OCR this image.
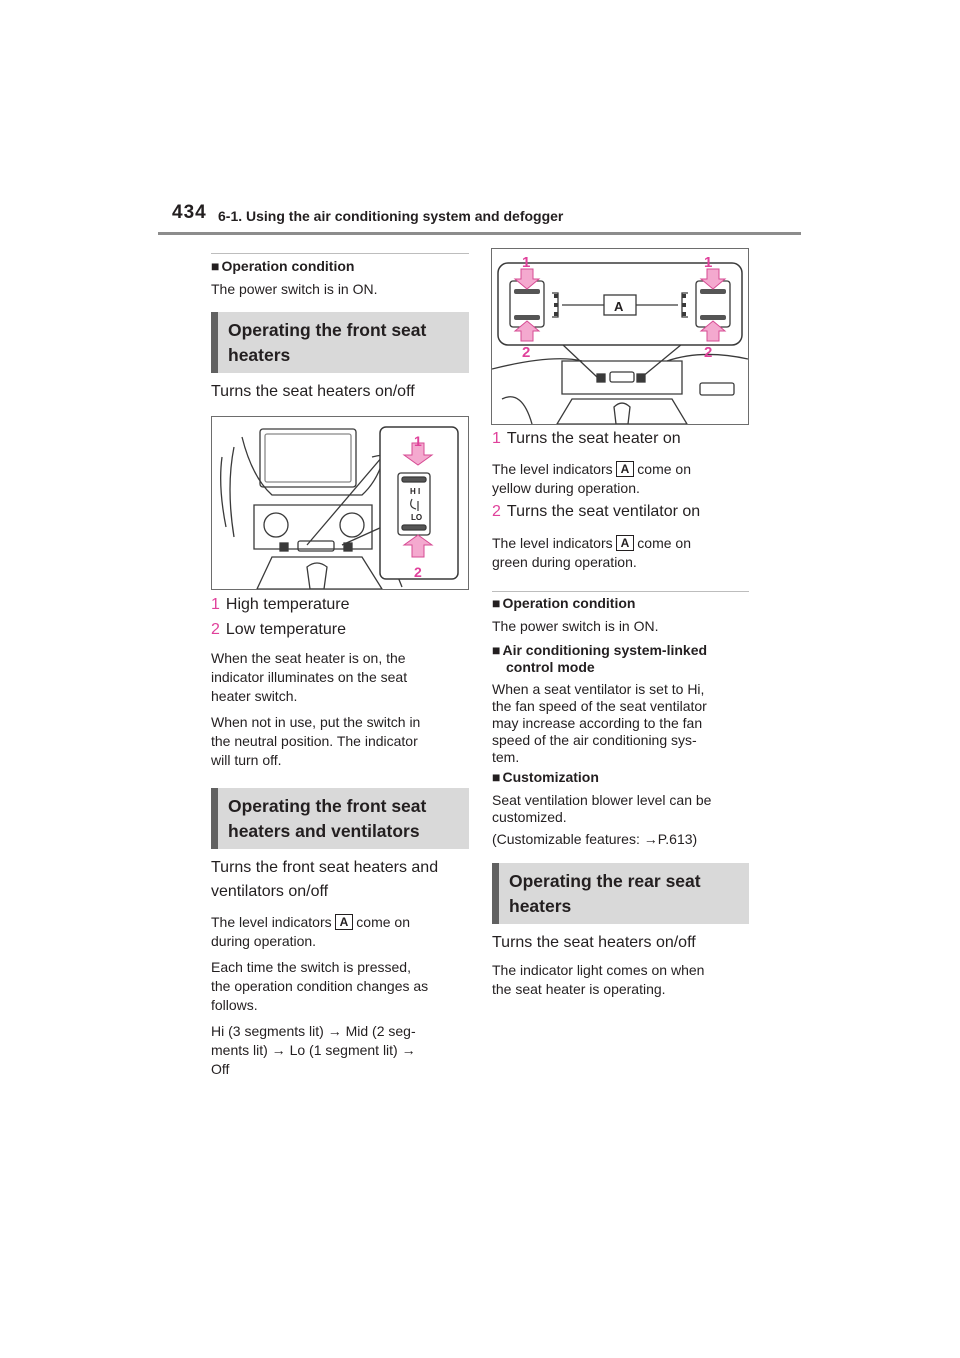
434 6-1. Using the air conditioning system and defogger
■ Operation condition
The power switch is in ON.
Operating the front seat
heaters
Turns the seat heaters on/off
H I
LO
1
2
1 High temperature
2 Low temperature
When the seat heater is on, the
indicator illuminates on the seat
heater switch.
When not in use, put the switch in
the neutral position. The indicator
will turn off.
Operating the front seat
heaters and ventilators
Turns the front seat heaters and
ventilators on/off
The level indicators A come on
during operation.
Each time the switch is pressed,
the operation condition changes as
follows.
Hi (3 segments lit) → Mid (2 seg-
ments lit) → Lo (1 segment lit) →
Off
A
1	1
2	2
1 Turns the seat heater on
The level indicators A come on
yellow during operation.
2 Turns the seat ventilator on
The level indicators A come on
green during operation.
■ Operation condition
The power switch is in ON.
■ Air conditioning system-linked
control mode
When a seat ventilator is set to Hi,
the fan speed of the seat ventilator
may increase according to the fan
speed of the air conditioning sys-
tem.
■ Customization
Seat ventilation blower level can be
customized.
(Customizable features: →P.613)
Operating the rear seat
heaters
Turns the seat heaters on/off
The indicator light comes on when
the seat heater is operating.
